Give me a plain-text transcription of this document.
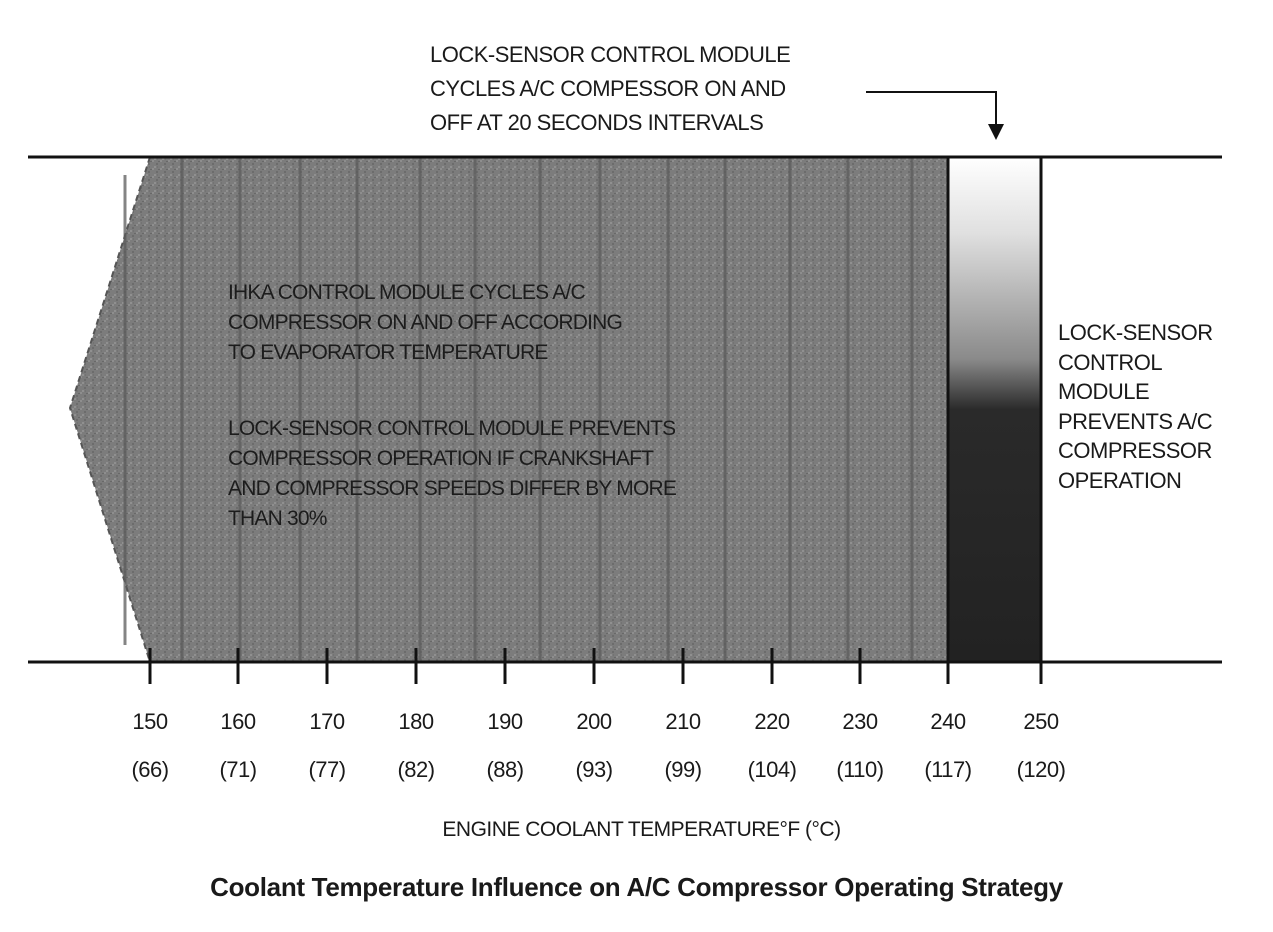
LOCK-SENSOR CONTROL MODULE
CYCLES A/C COMPESSOR ON AND
OFF AT 20 SECONDS INTERVALS
IHKA CONTROL MODULE CYCLES A/C
COMPRESSOR ON AND OFF ACCORDING
TO EVAPORATOR TEMPERATURE
LOCK-SENSOR CONTROL MODULE PREVENTS
COMPRESSOR OPERATION IF CRANKSHAFT
AND COMPRESSOR SPEEDS DIFFER BY MORE
THAN 30%
LOCK-SENSOR
CONTROL
MODULE
PREVENTS A/C
COMPRESSOR
OPERATION
150
(66)
160
(71)
170
(77)
180
(82)
190
(88)
200
(93)
210
(99)
220
(104)
230
(110)
240
(117)
250
(120)
ENGINE COOLANT TEMPERATURE°F (°C)
Coolant Temperature Influence on A/C Compressor Operating Strategy
